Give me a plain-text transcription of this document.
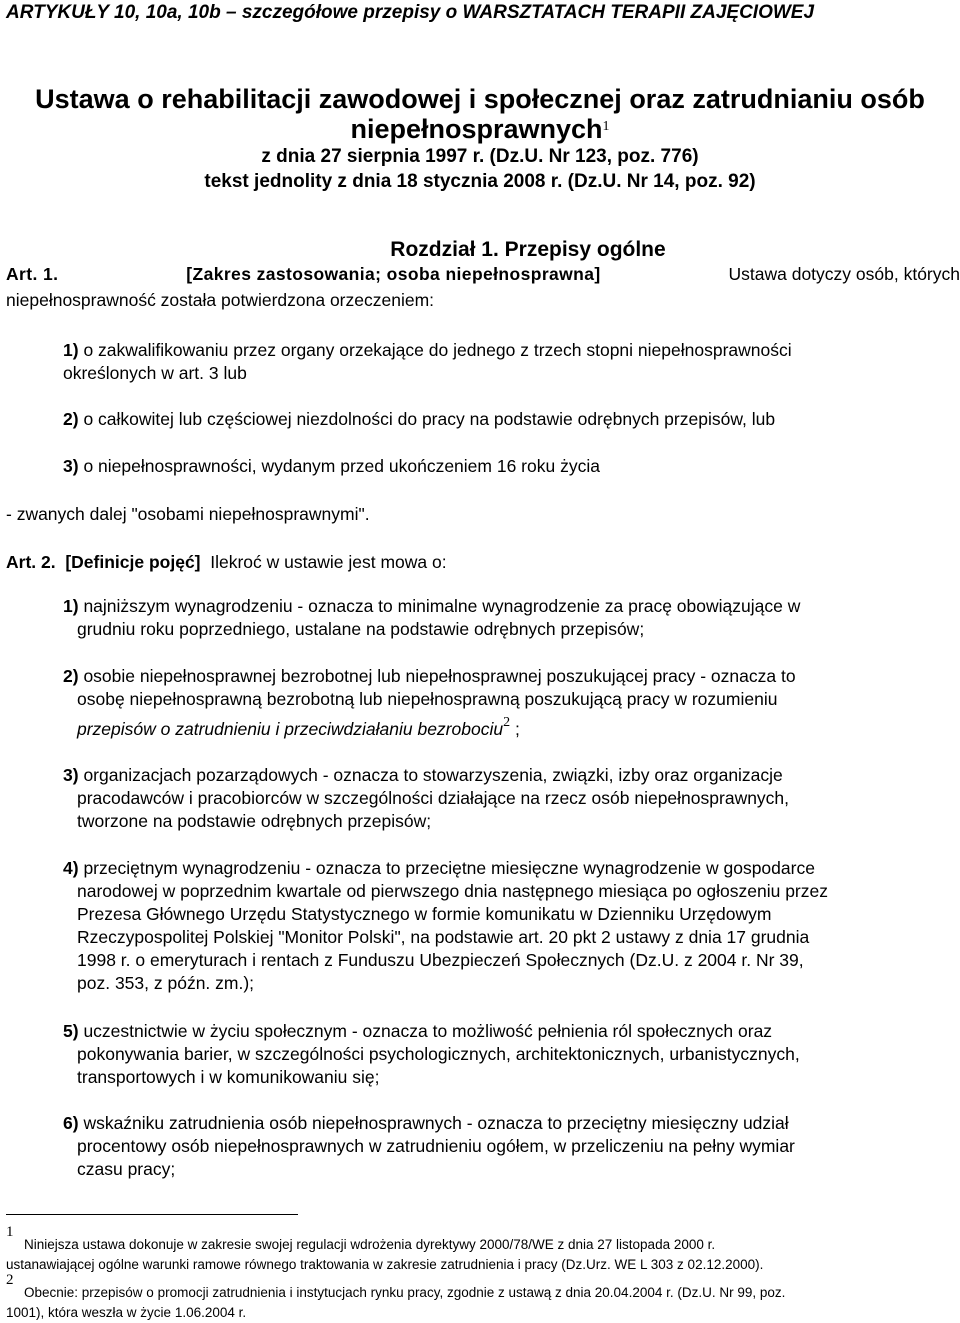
ARTYKUŁY 10, 10a, 10b – szczegółowe przepisy o WARSZTATACH TERAPII ZAJĘCIOWEJ
Ustawa o rehabilitacji zawodowej i społecznej oraz zatrudnianiu osób
niepełnosprawnych$^1$
z dnia 27 sierpnia 1997 r. (Dz.U. Nr 123, poz. 776)
tekst jednolity z dnia 18 stycznia 2008 r. (Dz.U. Nr 14, poz. 92)
Rozdział 1. Przepisy ogólne
Art. 1.	[Zakres zastosowania; osoba niepełnosprawna]	Ustawa dotyczy osób, których
niepełnosprawność została potwierdzona orzeczeniem:
1) o zakwalifikowaniu przez organy orzekające do jednego z trzech stopni niepełnosprawności
określonych w art. 3 lub
2) o całkowitej lub częściowej niezdolności do pracy na podstawie odrębnych przepisów, lub
3) o niepełnosprawności, wydanym przed ukończeniem 16 roku życia
- zwanych dalej "osobami niepełnosprawnymi".
Art. 2. [Definicje pojęć] Ilekroć w ustawie jest mowa o:
1) najniższym wynagrodzeniu - oznacza to minimalne wynagrodzenie za pracę obowiązujące w
grudniu roku poprzedniego, ustalane na podstawie odrębnych przepisów;
2) osobie niepełnosprawnej bezrobotnej lub niepełnosprawnej poszukującej pracy - oznacza to
osobę niepełnosprawną bezrobotną lub niepełnosprawną poszukującą pracy w rozumieniu
przepisów o zatrudnieniu i przeciwdziałaniu bezrobociu$^2$ ;
3) organizacjach pozarządowych - oznacza to stowarzyszenia, związki, izby oraz organizacje
pracodawców i pracobiorców w szczególności działające na rzecz osób niepełnosprawnych,
tworzone na podstawie odrębnych przepisów;
4) przeciętnym wynagrodzeniu - oznacza to przeciętne miesięczne wynagrodzenie w gospodarce
narodowej w poprzednim kwartale od pierwszego dnia następnego miesiąca po ogłoszeniu przez
Prezesa Głównego Urzędu Statystycznego w formie komunikatu w Dzienniku Urzędowym
Rzeczypospolitej Polskiej "Monitor Polski", na podstawie art. 20 pkt 2 ustawy z dnia 17 grudnia
1998 r. o emeryturach i rentach z Funduszu Ubezpieczeń Społecznych (Dz.U. z 2004 r. Nr 39,
poz. 353, z późn. zm.);
5) uczestnictwie w życiu społecznym - oznacza to możliwość pełnienia ról społecznych oraz
pokonywania barier, w szczególności psychologicznych, architektonicznych, urbanistycznych,
transportowych i w komunikowaniu się;
6) wskaźniku zatrudnienia osób niepełnosprawnych - oznacza to przeciętny miesięczny udział
procentowy osób niepełnosprawnych w zatrudnieniu ogółem, w przeliczeniu na pełny wymiar
czasu pracy;
1
Niniejsza ustawa dokonuje w zakresie swojej regulacji wdrożenia dyrektywy 2000/78/WE z dnia 27 listopada 2000 r.
ustanawiającej ogólne warunki ramowe równego traktowania w zakresie zatrudnienia i pracy (Dz.Urz. WE L 303 z 02.12.2000).
2
Obecnie: przepisów o promocji zatrudnienia i instytucjach rynku pracy, zgodnie z ustawą z dnia 20.04.2004 r. (Dz.U. Nr 99, poz.
1001), która weszła w życie 1.06.2004 r.
